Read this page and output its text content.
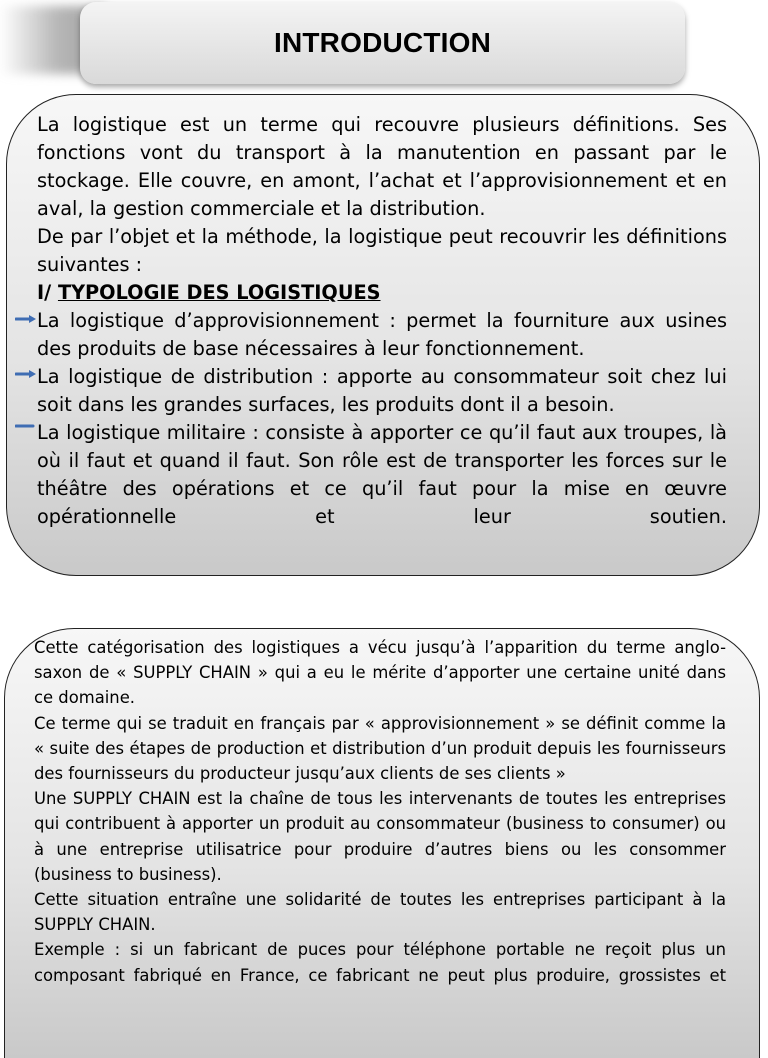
INTRODUCTION

La logistique est un terme qui recouvre plusieurs définitions. Ses fonctions vont du transport à la manutention en passant par le stockage. Elle couvre, en amont, l’achat et l’approvisionnement et en aval, la gestion commerciale et la distribution.

De par l’objet et la méthode, la logistique peut recouvrir les définitions suivantes :

I/ TYPOLOGIE DES LOGISTIQUES

La logistique d’approvisionnement : permet la fourniture aux usines des produits de base nécessaires à leur fonctionnement.

La logistique de distribution : apporte au consommateur soit chez lui soit dans les grandes surfaces, les produits dont il a besoin.

La logistique militaire : consiste à apporter ce qu’il faut aux troupes, là où il faut et quand il faut. Son rôle est de transporter les forces sur le théâtre des opérations et ce qu’il faut pour la mise en œuvre opérationnelle et leur soutien.

Cette catégorisation des logistiques a vécu jusqu’à l’apparition du terme anglo-saxon de « SUPPLY CHAIN » qui a eu le mérite d’apporter une certaine unité dans ce domaine.

Ce terme qui se traduit en français par « approvisionnement » se définit comme la « suite des étapes de production et distribution d’un produit depuis les fournisseurs des fournisseurs du producteur jusqu’aux clients de ses clients »

Une SUPPLY CHAIN est la chaîne de tous les intervenants de toutes les entreprises qui contribuent à apporter un produit au consommateur (business to consumer) ou à une entreprise utilisatrice pour produire d’autres biens ou les consommer (business to business).

Cette situation entraîne une solidarité de toutes les entreprises participant à la SUPPLY CHAIN.

Exemple : si un fabricant de puces pour téléphone portable ne reçoit plus un composant fabriqué en France, ce fabricant ne peut plus produire, grossistes et
